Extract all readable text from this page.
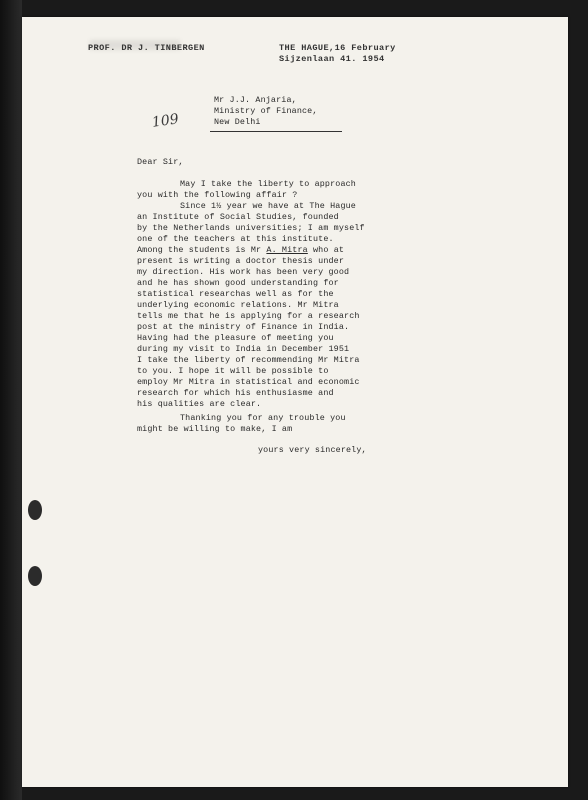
PROF. DR J. TINBERGEN	THE HAGUE,16 February
Sijzenlaan 41. 1954
109
Mr J.J. Anjaria,
Ministry of Finance,
New Delhi
Dear Sir,
May I take the liberty to approach
you with the following affair ?
Since 1½ year we have at The Hague
an Institute of Social Studies, founded
by the Netherlands universities; I am myself
one of the teachers at this institute.
Among the students is Mr A. Mitra who at
present is writing a doctor thesis under
my direction. His work has been very good
and he has shown good understanding for
statistical researchas well as for the
underlying economic relations. Mr Mitra
tells me that he is applying for a research
post at the ministry of Finance in India.
Having had the pleasure of meeting you
during my visit to India in December 1951
I take the liberty of recommending Mr Mitra
to you. I hope it will be possible to
employ Mr Mitra in statistical and economic
research for which his enthusiasme and
his qualities are clear.
Thanking you for any trouble you
might be willing to make, I am
yours very sincerely,
